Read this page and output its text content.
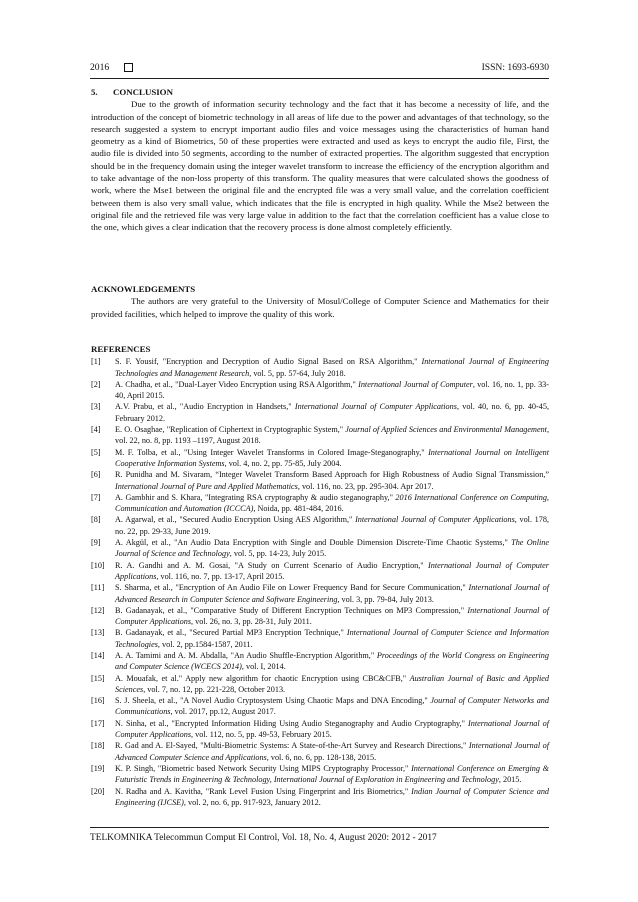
2016	ISSN: 1693-6930
5. CONCLUSION

Due to the growth of information security technology and the fact that it has become a necessity of life, and the introduction of the concept of biometric technology in all areas of life due to the power and advantages of that technology, so the research suggested a system to encrypt important audio files and voice messages using the characteristics of human hand geometry as a kind of Biometrics, 50 of these properties were extracted and used as keys to encrypt the audio file, First, the audio file is divided into 50 segments, according to the number of extracted properties. The algorithm suggested that encryption should be in the frequency domain using the integer wavelet transform to increase the efficiency of the encryption algorithm and to take advantage of the non-loss property of this transform. The quality measures that were calculated shows the goodness of work, where the Mse1 between the original file and the encrypted file was a very small value, and the correlation coefficient between them is also very small value, which indicates that the file is encrypted in high quality. While the Mse2 between the original file and the retrieved file was very large value in addition to the fact that the correlation coefficient has a value close to the one, which gives a clear indication that the recovery process is done almost completely efficiently.

ACKNOWLEDGEMENTS

The authors are very grateful to the University of Mosul/College of Computer Science and Mathematics for their provided facilities, which helped to improve the quality of this work.

REFERENCES
[1] S. F. Yousif, "Encryption and Decryption of Audio Signal Based on RSA Algorithm," International Journal of Engineering Technologies and Management Research, vol. 5, pp. 57-64, July 2018.
[2] A. Chadha, et al., "Dual-Layer Video Encryption using RSA Algorithm," International Journal of Computer, vol. 16, no. 1, pp. 33-40, April 2015.
[3] A.V. Prabu, et al., "Audio Encryption in Handsets," International Journal of Computer Applications, vol. 40, no. 6, pp. 40-45, February 2012.
[4] E. O. Osaghae, "Replication of Ciphertext in Cryptographic System," Journal of Applied Sciences and Environmental Management, vol. 22, no. 8, pp. 1193 –1197, August 2018.
[5] M. F. Tolba, et al., "Using Integer Wavelet Transforms in Colored Image-Steganography," International Journal on Intelligent Cooperative Information Systems, vol. 4, no. 2, pp. 75-85, July 2004.
[6] R. Punidha and M. Sivaram, “Integer Wavelet Transform Based Approach for High Robustness of Audio Signal Transmission,” International Journal of Pure and Applied Mathematics, vol. 116, no. 23, pp. 295-304. Apr 2017.
[7] A. Gambhir and S. Khara, "Integrating RSA cryptography & audio steganography," 2016 International Conference on Computing, Communication and Automation (ICCCA), Noida, pp. 481-484, 2016.
[8] A. Agarwal, et al., "Secured Audio Encryption Using AES Algorithm," International Journal of Computer Applications, vol. 178, no. 22, pp. 29-33, June 2019.
[9] A. Akgül, et al., "An Audio Data Encryption with Single and Double Dimension Discrete-Time Chaotic Systems," The Online Journal of Science and Technology, vol. 5, pp. 14-23, July 2015.
[10] R. A. Gandhi and A. M. Gosai, "A Study on Current Scenario of Audio Encryption," International Journal of Computer Applications, vol. 116, no. 7, pp. 13-17, April 2015.
[11] S. Sharma, et al., "Encryption of An Audio File on Lower Frequency Band for Secure Communication," International Journal of Advanced Research in Computer Science and Software Engineering, vol. 3, pp. 79-84, July 2013.
[12] B. Gadanayak, et al., "Comparative Study of Different Encryption Techniques on MP3 Compression," International Journal of Computer Applications, vol. 26, no. 3, pp. 28-31, July 2011.
[13] B. Gadanayak, et al., "Secured Partial MP3 Encryption Technique," International Journal of Computer Science and Information Technologies, vol. 2, pp.1584-1587, 2011.
[14] A. A. Tamimi and A. M. Abdalla, "An Audio Shuffle-Encryption Algorithm," Proceedings of the World Congress on Engineering and Computer Science (WCECS 2014), vol. I, 2014.
[15] A. Mouafak, et al." Apply new algorithm for chaotic Encryption using CBC&CFB," Australian Journal of Basic and Applied Sciences, vol. 7, no. 12, pp. 221-228, October 2013.
[16] S. J. Sheela, et al., "A Novel Audio Cryptosystem Using Chaotic Maps and DNA Encoding," Journal of Computer Networks and Communications, vol. 2017, pp.12, August 2017.
[17] N. Sinha, et al., "Encrypted Information Hiding Using Audio Steganography and Audio Cryptography," International Journal of Computer Applications, vol. 112, no. 5, pp. 49-53, February 2015.
[18] R. Gad and A. El-Sayed, "Multi-Biometric Systems: A State-of-the-Art Survey and Research Directions," International Journal of Advanced Computer Science and Applications, vol. 6, no. 6, pp. 128-138, 2015.
[19] K. P. Singh, "Biometric based Network Security Using MIPS Cryptography Processor," International Conference on Emerging & Futuristic Trends in Engineering & Technology, International Journal of Exploration in Engineering and Technology, 2015.
[20] N. Radha and A. Kavitha, "Rank Level Fusion Using Fingerprint and Iris Biometrics," Indian Journal of Computer Science and Engineering (IJCSE), vol. 2, no. 6, pp. 917-923, January 2012.
TELKOMNIKA Telecommun Comput El Control, Vol. 18, No. 4, August 2020: 2012 - 2017
